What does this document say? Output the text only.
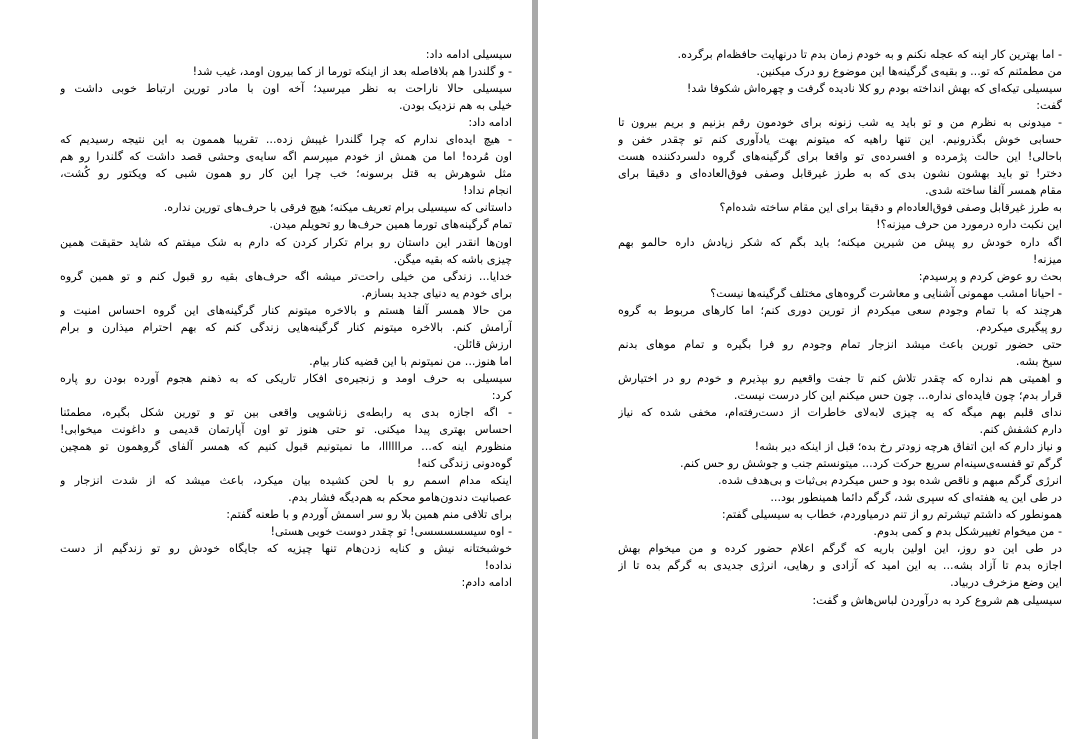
سیسیلی ادامه داد:
- و گلندرا هم بلافاصله بعد از اینکه تورما از کما بیرون اومد، غیب شد!
سیسیلی حالا ناراحت به نظر میرسید؛ آخه اون با مادر تورین ارتباط خوبی داشت و
خیلی به هم نزدیک بودن.
ادامه داد:
- هیچ ایده‌ای ندارم که چرا گلندرا غیبش زده... تقریبا هممون به این نتیجه رسیدیم که
اون مُرده! اما من همش از خودم میپرسم اگه سایه‌ی وحشی قصد داشت که گلندرا رو هم
مثل شوهرش به قتل برسونه؛ خب چرا این کار رو همون شبی که ویکتور رو کُشت،
انجام نداد!
داستانی که سیسیلی برام تعریف میکنه؛ هیچ فرقی با حرف‌های تورین نداره.
تمام گرگینه‌های تورما همین حرف‌ها رو تحویلم میدن.
اون‌ها انقدر این داستان رو برام تکرار کردن که دارم به شک میفتم که شاید حقیقت همین
چیزی باشه که بقیه میگن.
خدایا... زندگی من خیلی راحت‌تر میشه اگه حرف‌های بقیه رو قبول کنم و تو همین گروه
برای خودم یه دنیای جدید بسازم.
من حالا همسر آلفا هستم و بالاخره میتونم کنار گرگینه‌های این گروه احساس امنیت و
آرامش کنم. بالاخره میتونم کنار گرگینه‌هایی زندگی کنم که بهم احترام میذارن و برام
ارزش قائلن.
اما هنوز... من نمیتونم با این قضیه کنار بیام.
سیسیلی به حرف اومد و زنجیره‌ی افکار تاریکی که به ذهنم هجوم آورده بودن رو پاره
کرد:
- اگه اجازه بدی یه رابطه‌ی زناشویی واقعی بین تو و تورین شکل بگیره، مطمئنا
احساس بهتری پیدا میکنی. تو حتی هنوز تو اون آپارتمان قدیمی و داغونت میخوابی!
منظورم اینه که... مراااااا، ما نمیتونیم قبول کنیم که همسر آلفای گروهمون تو همچین
گوه‌دونی زندگی کنه!
اینکه مدام اسمم رو با لحن کشیده بیان میکرد، باعث میشد که از شدت انزجار و
عصبانیت دندون‌هامو محکم به هم‌دیگه فشار بدم.
برای تلافی منم همین بلا رو سر اسمش آوردم و با طعنه گفتم:
- اوه سیسسسسسی! تو چقدر دوست خوبی هستی!
خوشبختانه نیش و کنایه زدن‌هام تنها چیزیه که جایگاه خودش رو تو زندگیم از دست
نداده!
ادامه دادم:
- اما بهترین کار اینه که عجله نکنم و به خودم زمان بدم تا درنهایت حافظه‌ام برگرده.
من مطمئنم که تو... و بقیه‌ی گرگینه‌ها این موضوع رو درک میکنین.
سیسیلی تیکه‌ای که بهش انداخته بودم رو کلا نادیده گرفت و چهره‌اش شکوفا شد!
گفت:
- میدونی به نظرم من و تو باید یه شب زنونه برای خودمون رقم بزنیم و بریم بیرون تا
حسابی خوش بگذرونیم. این تنها راهیه که میتونم بهت یادآوری کنم تو چقدر خفن و
باحالی! این حالت پژمرده و افسرده‌ی تو واقعا برای گرگینه‌های گروه دلسردکننده هست
دختر! تو باید بهشون نشون بدی که به طرز غیرقابل وصفی فوق‌العاده‌ای و دقیقا برای
مقام همسر آلفا ساخته شدی.
به طرز غیرقابل وصفی فوق‌العاده‌ام و دقیقا برای این مقام ساخته شده‌ام؟
این نکبت داره درمورد من حرف میزنه؟!
اگه داره خودش رو پیش من شیرین میکنه؛ باید بگم که شکر زیادش داره حالمو بهم
میزنه!
بحث رو عوض کردم و پرسیدم:
- احیانا امشب مهمونی آشنایی و معاشرت گروه‌های مختلف گرگینه‌ها نیست؟
هرچند که با تمام وجودم سعی میکردم از تورین دوری کنم؛ اما کارهای مربوط به گروه
رو پیگیری میکردم.
حتی حضور تورین باعث میشد انزجار تمام وجودم رو فرا بگیره و تمام موهای بدنم
سیخ بشه.
و اهمیتی هم نداره که چقدر تلاش کنم تا جفت واقعیم رو بپذیرم و خودم رو در اختیارش
قرار بدم؛ چون فایده‌ای نداره... چون حس میکنم این کار درست نیست.
ندای قلبم بهم میگه که یه چیزی لابه‌لای خاطرات از دست‌رفته‌ام، مخفی شده که نیاز
دارم کشفش کنم.
و نیاز دارم که این اتفاق هرچه زودتر رخ بده؛ قبل از اینکه دیر بشه!
گرگم تو قفسه‌ی‌سینه‌ام سریع حرکت کرد... میتونستم جنب و جوشش رو حس کنم.
انرژی گرگم مبهم و ناقص شده بود و حس میکردم بی‌ثبات و بی‌هدف شده.
در طی این یه هفته‌ای که سپری شد، گرگم دائما همینطور بود...
همونطور که داشتم تیشرتم رو از تنم درمیاوردم، خطاب به سیسیلی گفتم:
- من میخوام تغییرشکل بدم و کمی بدوم.
در طی این دو روز، این اولین باریه که گرگم اعلام حضور کرده و من میخوام بهش
اجازه بدم تا آزاد بشه... به این امید که آزادی و رهایی، انرژی جدیدی به گرگم بده تا از
این وضع مزخرف دربیاد.
سیسیلی هم شروع کرد به درآوردن لباس‌هاش و گفت:
